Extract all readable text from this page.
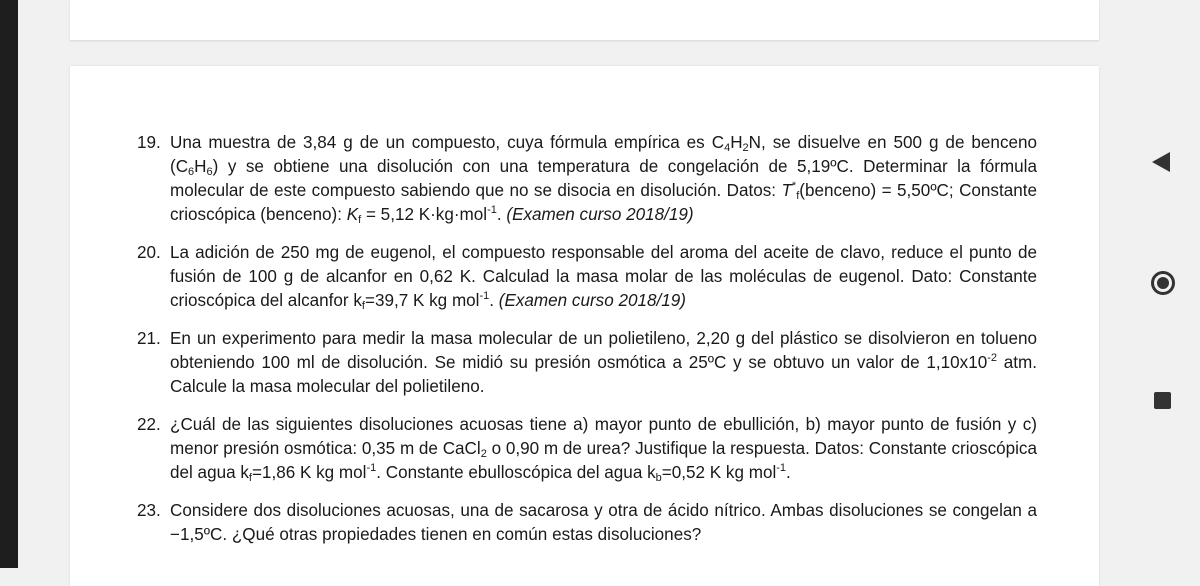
19. Una muestra de 3,84 g de un compuesto, cuya fórmula empírica es $C_4H_2N$, se disuelve en 500 g de benceno $(C_6H_6)$ y se obtiene una disolución con una temperatura de congelación de 5,19ºC. Determinar la fórmula molecular de este compuesto sabiendo que no se disocia en disolución. Datos: $T^*_f(benceno)$ = 5,50ºC; Constante crioscópica (benceno): $K_f = 5,12$ K·kg·mol$^{-1}$. (Examen curso 2018/19)
20. La adición de 250 mg de eugenol, el compuesto responsable del aroma del aceite de clavo, reduce el punto de fusión de 100 g de alcanfor en 0,62 K. Calculad la masa molar de las moléculas de eugenol. Dato: Constante crioscópica del alcanfor $k_f=39,7$ K kg mol$^{-1}$. (Examen curso 2018/19)
21. En un experimento para medir la masa molecular de un polietileno, 2,20 g del plástico se disolvieron en tolueno obteniendo 100 ml de disolución. Se midió su presión osmótica a 25ºC y se obtuvo un valor de $1,10x10^{-2}$ atm. Calcule la masa molecular del polietileno.
22. ¿Cuál de las siguientes disoluciones acuosas tiene a) mayor punto de ebullición, b) mayor punto de fusión y c) menor presión osmótica: 0,35 m de CaCl$_2$ o 0,90 m de urea? Justifique la respuesta. Datos: Constante crioscópica del agua $k_f=1,86$ K kg mol$^{-1}$. Constante ebulloscópica del agua $k_b=0,52$ K kg mol$^{-1}$.
23. Considere dos disoluciones acuosas, una de sacarosa y otra de ácido nítrico. Ambas disoluciones se congelan a −1,5ºC. ¿Qué otras propiedades tienen en común estas disoluciones?
